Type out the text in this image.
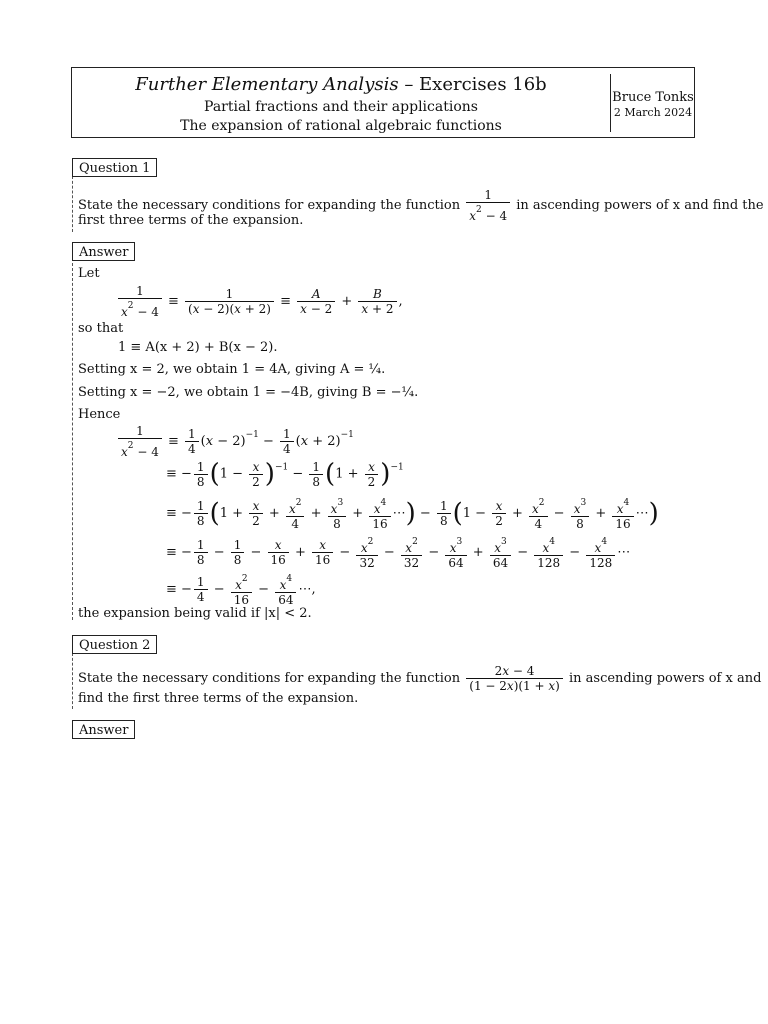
Further Elementary Analysis – Exercises 16b
Partial fractions and their applications
The expansion of rational algebraic functions
Bruce Tonks
2 March 2024
Question 1
State the necessary conditions for expanding the function $\frac{1}{x^2 - 4}$ in ascending powers of x and find the
first three terms of the expansion.
Answer
Let
$\frac{1}{x^2 - 4} \equiv \frac{1}{(x - 2)(x + 2)} \equiv \frac{A}{x - 2} + \frac{B}{x + 2}$ ,
so that
1 ≡ A(x + 2) + B(x − 2).
Setting x = 2, we obtain 1 = 4A, giving A = ¼.
Setting x = −2, we obtain 1 = −4B, giving B = −¼.
Hence
$\frac{1}{x^2 - 4} \equiv \frac{1}{4} (x - 2)^{-1} - \frac{1}{4} (x + 2)^{-1}$
≡ − $\frac{1}{8} (1 - \frac{x}{2} )^{-1} - \frac{1}{8} (1 + \frac{x}{2} )^{-1}$
≡ − $\frac{1}{8} (1 + \frac{x}{2} + \frac{x^2}{4} + \frac{x^3}{8} + \frac{x^4}{16}$ ⋯) − $\frac{1}{8} (1 - \frac{x}{2} + \frac{x^2}{4} - \frac{x^3}{8} + \frac{x^4}{16}$ ⋯)
≡ − $\frac{1}{8} - \frac{1}{8} - \frac{x}{16} + \frac{x}{16} - \frac{x^2}{32} - \frac{x^2}{32} - \frac{x^3}{64} + \frac{x^3}{64} - \frac{x^4}{128} - \frac{x^4}{128}$ ⋯
≡ − $\frac{1}{4} - \frac{x^2}{16} - \frac{x^4}{64}$ ⋯,
the expansion being valid if |x| < 2.
Question 2
State the necessary conditions for expanding the function $\frac{2x - 4}{(1 - 2x)(1 + x)}$ in ascending powers of x and
find the first three terms of the expansion.
Answer
